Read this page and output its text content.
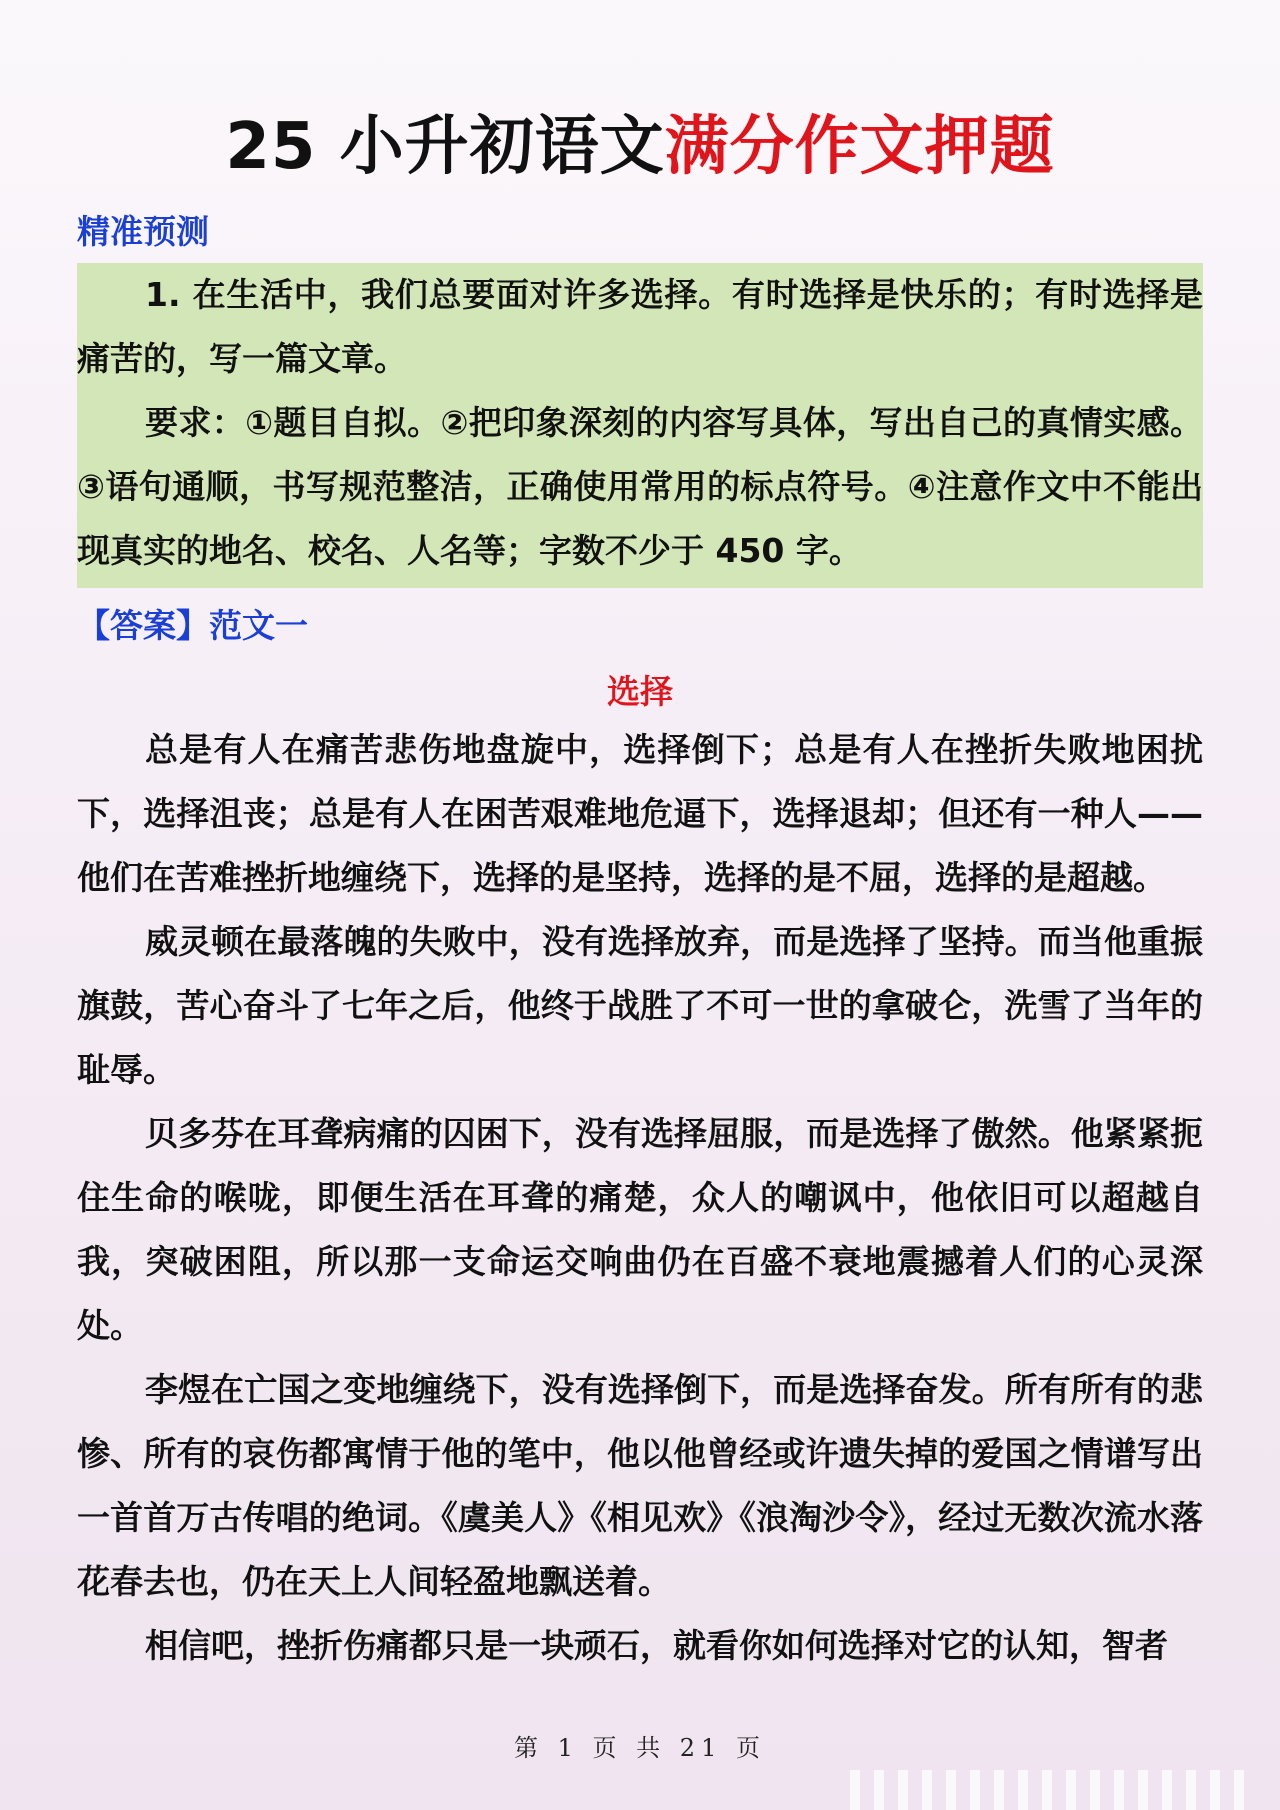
25 小升初语文满分作文押题
精准预测

1. 在生活中，我们总要面对许多选择。有时选择是快乐的；有时选择是痛苦的，写一篇文章。

要求：①题目自拟。②把印象深刻的内容写具体，写出自己的真情实感。③语句通顺，书写规范整洁，正确使用常用的标点符号。④注意作文中不能出现真实的地名、校名、人名等；字数不少于 450 字。

【答案】范文一
选择

总是有人在痛苦悲伤地盘旋中，选择倒下；总是有人在挫折失败地困扰下，选择沮丧；总是有人在困苦艰难地危逼下，选择退却；但还有一种人——他们在苦难挫折地缠绕下，选择的是坚持，选择的是不屈，选择的是超越。

威灵顿在最落魄的失败中，没有选择放弃，而是选择了坚持。而当他重振旗鼓，苦心奋斗了七年之后，他终于战胜了不可一世的拿破仑，洗雪了当年的耻辱。

贝多芬在耳聋病痛的囚困下，没有选择屈服，而是选择了傲然。他紧紧扼住生命的喉咙，即便生活在耳聋的痛楚，众人的嘲讽中，他依旧可以超越自我，突破困阻，所以那一支命运交响曲仍在百盛不衰地震撼着人们的心灵深处。

李煜在亡国之变地缠绕下，没有选择倒下，而是选择奋发。所有所有的悲惨、所有的哀伤都寓情于他的笔中，他以他曾经或许遗失掉的爱国之情谱写出一首首万古传唱的绝词。《虞美人》《相见欢》《浪淘沙令》，经过无数次流水落花春去也，仍在天上人间轻盈地飘送着。

相信吧，挫折伤痛都只是一块顽石，就看你如何选择对它的认知，智者

第 1 页 共 21 页
